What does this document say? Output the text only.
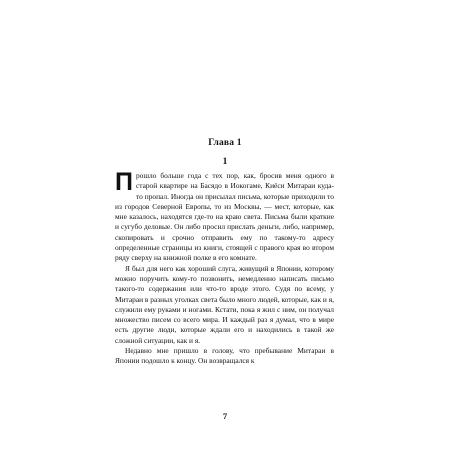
Глава 1
1

Прошло больше года с тех пор, как, бросив меня одного в старой квартире на Басядо в Иокогаме, Киёси Митараи куда-то пропал. Иногда он присылал письма, которые приходили то из городов Северной Европы, то из Москвы, — мест, которые, как мне казалось, находятся где-то на краю света. Письма были краткие и сугубо деловые. Он либо просил прислать деньги, либо, например, скопировать и срочно отправить ему по такому-то адресу определенные страницы из книги, стоящей с правого края во втором ряду сверху на книжной полке в его комнате.

Я был для него как хороший слуга, живущий в Японии, которому можно поручить кому-то позвонить, немедленно написать письмо такого-то содержания или что-то вроде этого. Судя по всему, у Митараи в разных уголках света было много людей, которые, как и я, служили ему руками и ногами. Кстати, пока я жил с ним, он получал множество писем со всего мира. И каждый раз я думал, что в мире есть другие люди, которые ждали его и находились в такой же сложной ситуации, как и я.

Недавно мне пришло в голову, что пребывание Митараи в Японии подошло к концу. Он возвращался к

7
